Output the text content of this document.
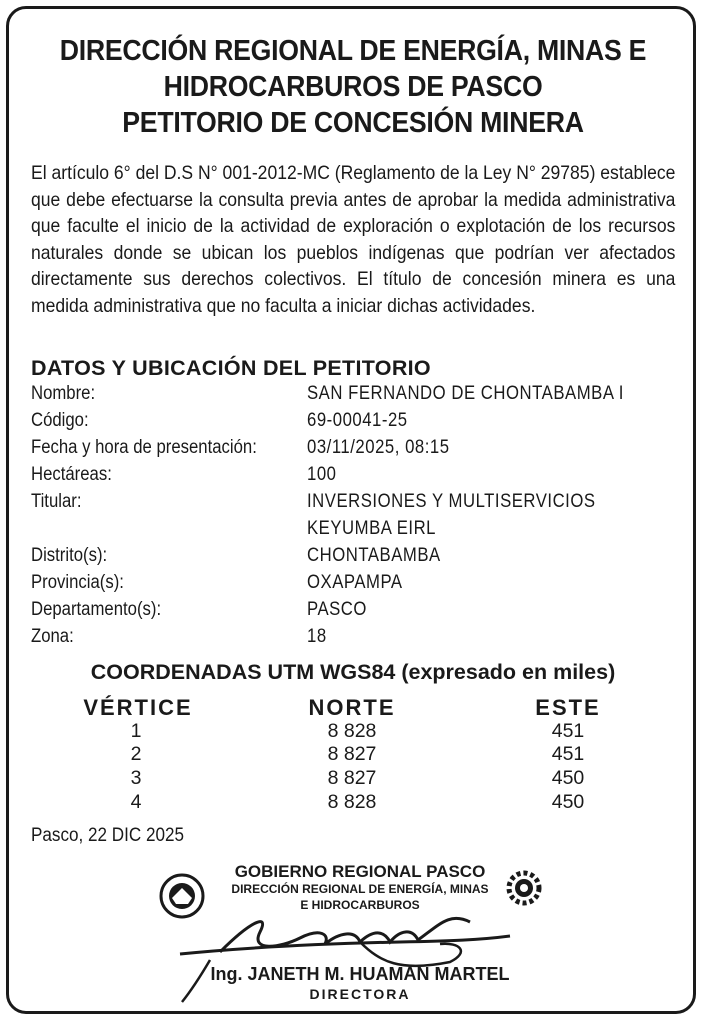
DIRECCIÓN REGIONAL DE ENERGÍA, MINAS E
HIDROCARBUROS DE PASCO
PETITORIO DE CONCESIÓN MINERA
El artículo 6° del D.S N° 001-2012-MC (Reglamento de la Ley N° 29785) establece que debe efectuarse la consulta previa antes de aprobar la medida administrativa que faculte el inicio de la actividad de exploración o explotación de los recursos naturales donde se ubican los pueblos indígenas que podrían ver afectados directamente sus derechos colectivos. El título de concesión minera es una medida administrativa que no faculta a iniciar dichas actividades.
DATOS Y UBICACIÓN DEL PETITORIO
Nombre:	SAN FERNANDO DE CHONTABAMBA I
Código:	69-00041-25
Fecha y hora de presentación:	03/11/2025, 08:15
Hectáreas:	100
Titular:	INVERSIONES Y MULTISERVICIOS
KEYUMBA EIRL
Distrito(s):	CHONTABAMBA
Provincia(s):	OXAPAMPA
Departamento(s):	PASCO
Zona:	18
COORDENADAS UTM WGS84 (expresado en miles)
VÉRTICE	NORTE	ESTE
1	8 828	451
2	8 827	451
3	8 827	450
4	8 828	450
Pasco, 22 DIC 2025
GOBIERNO REGIONAL PASCO
DIRECCIÓN REGIONAL DE ENERGÍA, MINAS
E HIDROCARBUROS
Ing. JANETH M. HUAMAN MARTEL
DIRECTORA
